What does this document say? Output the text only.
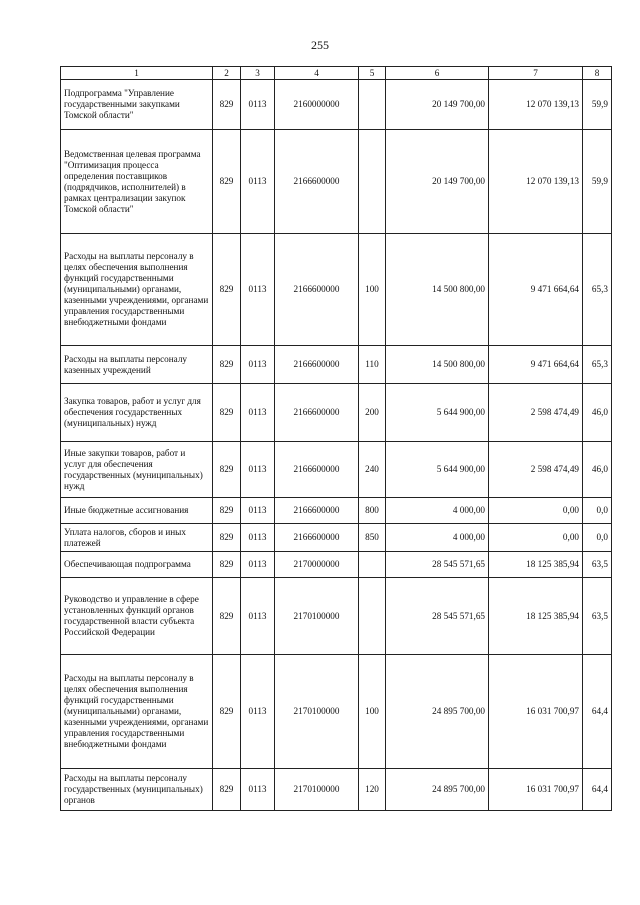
255
1	2	3	4	5	6	7	8
Подпрограмма "Управление государственными закупками Томской области"	829	0113	2160000000		20 149 700,00	12 070 139,13	59,9
Ведомственная целевая программа "Оптимизация процесса определения поставщиков (подрядчиков, исполнителей) в рамках централизации закупок Томской области"	829	0113	2166600000		20 149 700,00	12 070 139,13	59,9
Расходы на выплаты персоналу в целях обеспечения выполнения функций государственными (муниципальными) органами, казенными учреждениями, органами управления государственными внебюджетными фондами	829	0113	2166600000	100	14 500 800,00	9 471 664,64	65,3
Расходы на выплаты персоналу казенных учреждений	829	0113	2166600000	110	14 500 800,00	9 471 664,64	65,3
Закупка товаров, работ и услуг для обеспечения государственных (муниципальных) нужд	829	0113	2166600000	200	5 644 900,00	2 598 474,49	46,0
Иные закупки товаров, работ и услуг для обеспечения государственных (муниципальных) нужд	829	0113	2166600000	240	5 644 900,00	2 598 474,49	46,0
Иные бюджетные ассигнования	829	0113	2166600000	800	4 000,00	0,00	0,0
Уплата налогов, сборов и иных платежей	829	0113	2166600000	850	4 000,00	0,00	0,0
Обеспечивающая подпрограмма	829	0113	2170000000		28 545 571,65	18 125 385,94	63,5
Руководство и управление в сфере установленных функций органов государственной власти субъекта Российской Федерации	829	0113	2170100000		28 545 571,65	18 125 385,94	63,5
Расходы на выплаты персоналу в целях обеспечения выполнения функций государственными (муниципальными) органами, казенными учреждениями, органами управления государственными внебюджетными фондами	829	0113	2170100000	100	24 895 700,00	16 031 700,97	64,4
Расходы на выплаты персоналу государственных (муниципальных) органов	829	0113	2170100000	120	24 895 700,00	16 031 700,97	64,4
